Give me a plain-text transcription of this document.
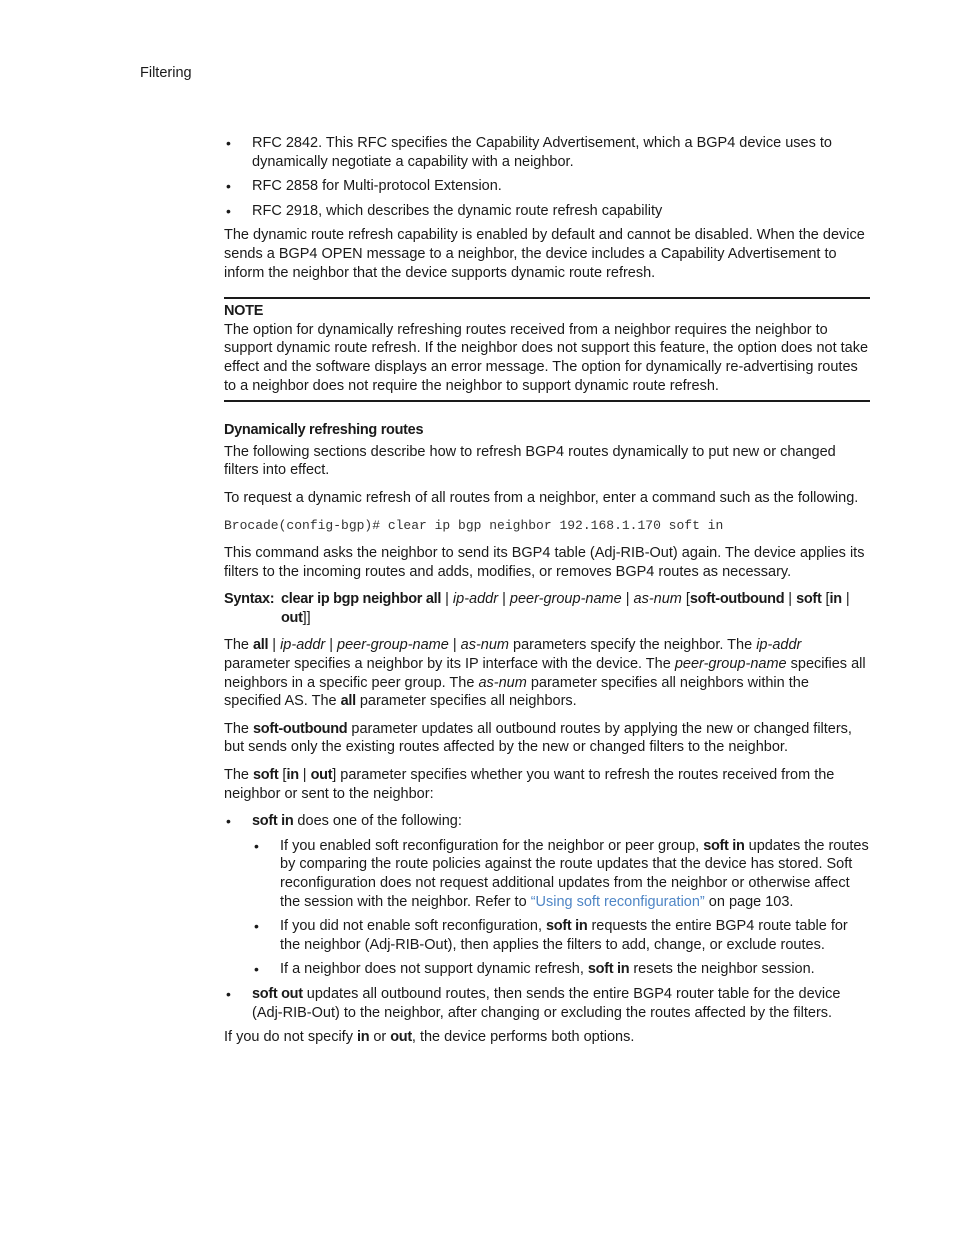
Filtering
• RFC 2842. This RFC specifies the Capability Advertisement, which a BGP4 device uses to dynamically negotiate a capability with a neighbor.
• RFC 2858 for Multi-protocol Extension.
• RFC 2918, which describes the dynamic route refresh capability

The dynamic route refresh capability is enabled by default and cannot be disabled. When the device sends a BGP4 OPEN message to a neighbor, the device includes a Capability Advertisement to inform the neighbor that the device supports dynamic route refresh.

NOTE

The option for dynamically refreshing routes received from a neighbor requires the neighbor to support dynamic route refresh. If the neighbor does not support this feature, the option does not take effect and the software displays an error message. The option for dynamically re-advertising routes to a neighbor does not require the neighbor to support dynamic route refresh.

Dynamically refreshing routes

The following sections describe how to refresh BGP4 routes dynamically to put new or changed filters into effect.

To request a dynamic refresh of all routes from a neighbor, enter a command such as the following.

Brocade(config-bgp)# clear ip bgp neighbor 192.168.1.170 soft in

This command asks the neighbor to send its BGP4 table (Adj-RIB-Out) again. The device applies its filters to the incoming routes and adds, modifies, or removes BGP4 routes as necessary.

Syntax: clear ip bgp neighbor all | ip-addr | peer-group-name | as-num [soft-outbound | soft [in | out]]

The all | ip-addr | peer-group-name | as-num parameters specify the neighbor. The ip-addr parameter specifies a neighbor by its IP interface with the device. The peer-group-name specifies all neighbors in a specific peer group. The as-num parameter specifies all neighbors within the specified AS. The all parameter specifies all neighbors.

The soft-outbound parameter updates all outbound routes by applying the new or changed filters, but sends only the existing routes affected by the new or changed filters to the neighbor.

The soft [in | out] parameter specifies whether you want to refresh the routes received from the neighbor or sent to the neighbor:

• soft in does one of the following:
• If you enabled soft reconfiguration for the neighbor or peer group, soft in updates the routes by comparing the route policies against the route updates that the device has stored. Soft reconfiguration does not request additional updates from the neighbor or otherwise affect the session with the neighbor. Refer to “Using soft reconfiguration” on page 103.
• If you did not enable soft reconfiguration, soft in requests the entire BGP4 route table for the neighbor (Adj-RIB-Out), then applies the filters to add, change, or exclude routes.
• If a neighbor does not support dynamic refresh, soft in resets the neighbor session.
• soft out updates all outbound routes, then sends the entire BGP4 router table for the device (Adj-RIB-Out) to the neighbor, after changing or excluding the routes affected by the filters.

If you do not specify in or out, the device performs both options.
